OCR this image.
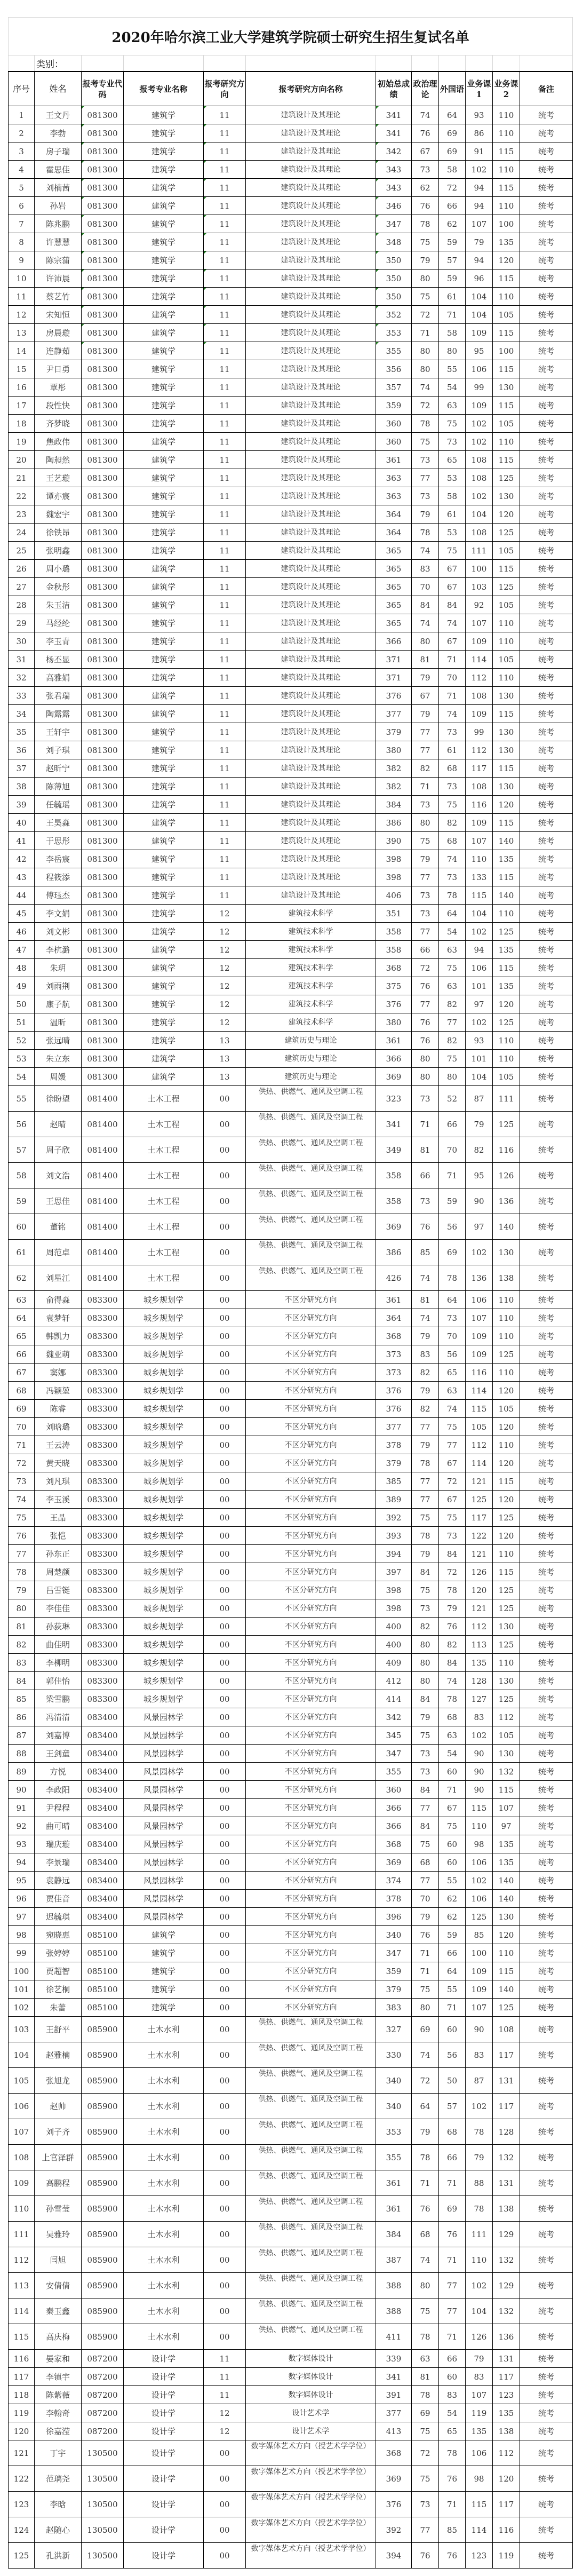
2020年哈尔滨工业大学建筑学院硕士研究生招生复试名单											
	类别：										
序号	姓名	报考专业代码	报考专业名称	报考研究方向	报考研究方向名称	初始总成绩	政治理论	外国语	业务课1	业务课2	备注
1	王文丹	081300	建筑学	11	建筑设计及其理论	341	74	64	93	110	统考
2	李勃	081300	建筑学	11	建筑设计及其理论	341	76	69	86	110	统考
3	房子瑞	081300	建筑学	11	建筑设计及其理论	342	67	69	91	115	统考
4	霍思佳	081300	建筑学	11	建筑设计及其理论	343	73	58	102	110	统考
5	刘楠茜	081300	建筑学	11	建筑设计及其理论	343	62	72	94	115	统考
6	孙岩	081300	建筑学	11	建筑设计及其理论	346	76	66	94	110	统考
7	陈兆鹏	081300	建筑学	11	建筑设计及其理论	347	78	62	107	100	统考
8	许慧慧	081300	建筑学	11	建筑设计及其理论	348	75	59	79	135	统考
9	陈宗蒲	081300	建筑学	11	建筑设计及其理论	350	79	57	94	120	统考
10	许沛晨	081300	建筑学	11	建筑设计及其理论	350	80	59	96	115	统考
11	蔡艺竹	081300	建筑学	11	建筑设计及其理论	350	75	61	104	110	统考
12	宋知恒	081300	建筑学	11	建筑设计及其理论	352	72	71	104	105	统考
13	房晨璇	081300	建筑学	11	建筑设计及其理论	353	71	58	109	115	统考
14	连静茹	081300	建筑学	11	建筑设计及其理论	355	80	80	95	100	统考
15	尹日勇	081300	建筑学	11	建筑设计及其理论	356	80	55	106	115	统考
16	覃彤	081300	建筑学	11	建筑设计及其理论	357	74	54	99	130	统考
17	段性快	081300	建筑学	11	建筑设计及其理论	359	72	63	109	115	统考
18	齐梦晓	081300	建筑学	11	建筑设计及其理论	360	78	75	102	105	统考
19	焦政伟	081300	建筑学	11	建筑设计及其理论	360	75	73	102	110	统考
20	陶昶然	081300	建筑学	11	建筑设计及其理论	361	73	65	108	115	统考
21	王艺璇	081300	建筑学	11	建筑设计及其理论	363	77	53	108	125	统考
22	谭亦宸	081300	建筑学	11	建筑设计及其理论	363	73	58	102	130	统考
23	魏宏宇	081300	建筑学	11	建筑设计及其理论	364	79	61	104	120	统考
24	徐铁昂	081300	建筑学	11	建筑设计及其理论	364	78	53	108	125	统考
25	张明鑫	081300	建筑学	11	建筑设计及其理论	365	74	75	111	105	统考
26	周小璐	081300	建筑学	11	建筑设计及其理论	365	83	67	100	115	统考
27	金秋彤	081300	建筑学	11	建筑设计及其理论	365	70	67	103	125	统考
28	朱玉洁	081300	建筑学	11	建筑设计及其理论	365	84	84	92	105	统考
29	马经纶	081300	建筑学	11	建筑设计及其理论	365	74	74	107	110	统考
30	李玉青	081300	建筑学	11	建筑设计及其理论	366	80	67	109	110	统考
31	杨丕显	081300	建筑学	11	建筑设计及其理论	371	81	71	114	105	统考
32	高雅娟	081300	建筑学	11	建筑设计及其理论	371	79	70	112	110	统考
33	张君瑞	081300	建筑学	11	建筑设计及其理论	376	67	71	108	130	统考
34	陶露露	081300	建筑学	11	建筑设计及其理论	377	79	74	109	115	统考
35	王轩宇	081300	建筑学	11	建筑设计及其理论	379	77	73	99	130	统考
36	刘子琪	081300	建筑学	11	建筑设计及其理论	380	77	61	112	130	统考
37	赵昕宁	081300	建筑学	11	建筑设计及其理论	382	82	68	117	115	统考
38	陈薄旭	081300	建筑学	11	建筑设计及其理论	382	71	73	108	130	统考
39	任毓瑶	081300	建筑学	11	建筑设计及其理论	384	73	75	116	120	统考
40	王昊淼	081300	建筑学	11	建筑设计及其理论	386	80	82	109	115	统考
41	于思彤	081300	建筑学	11	建筑设计及其理论	390	75	68	107	140	统考
42	李岳宸	081300	建筑学	11	建筑设计及其理论	398	79	74	110	135	统考
43	程筱添	081300	建筑学	11	建筑设计及其理论	398	77	73	133	115	统考
44	傅珏杰	081300	建筑学	11	建筑设计及其理论	406	73	78	115	140	统考
45	李文娟	081300	建筑学	12	建筑技术科学	351	73	64	104	110	统考
46	刘文彬	081300	建筑学	12	建筑技术科学	358	77	54	102	125	统考
47	李杭潞	081300	建筑学	12	建筑技术科学	358	66	63	94	135	统考
48	朱玥	081300	建筑学	12	建筑技术科学	368	72	75	106	115	统考
49	刘雨荆	081300	建筑学	12	建筑技术科学	375	76	63	101	135	统考
50	康子航	081300	建筑学	12	建筑技术科学	376	77	82	97	120	统考
51	温昕	081300	建筑学	12	建筑技术科学	380	76	77	102	125	统考
52	张远晴	081300	建筑学	13	建筑历史与理论	361	76	82	93	110	统考
53	朱立东	081300	建筑学	13	建筑历史与理论	366	80	75	101	110	统考
54	周媛	081300	建筑学	13	建筑历史与理论	369	80	80	104	105	统考
55	徐盼望	081400	土木工程	00	供热、供燃气、通风及空调工程	323	73	52	87	111	统考
56	赵晴	081400	土木工程	00	供热、供燃气、通风及空调工程	341	71	66	79	125	统考
57	周子欣	081400	土木工程	00	供热、供燃气、通风及空调工程	349	81	70	82	116	统考
58	刘文浩	081400	土木工程	00	供热、供燃气、通风及空调工程	358	66	71	95	126	统考
59	王思佳	081400	土木工程	00	供热、供燃气、通风及空调工程	358	73	59	90	136	统考
60	董铭	081400	土木工程	00	供热、供燃气、通风及空调工程	369	76	56	97	140	统考
61	周范卓	081400	土木工程	00	供热、供燃气、通风及空调工程	386	85	69	102	130	统考
62	刘星江	081400	土木工程	00	供热、供燃气、通风及空调工程	426	74	78	136	138	统考
63	俞得淼	083300	城乡规划学	00	不区分研究方向	361	81	64	106	110	统考
64	袁梦轩	083300	城乡规划学	00	不区分研究方向	364	74	73	107	110	统考
65	韩凯力	083300	城乡规划学	00	不区分研究方向	368	79	70	109	110	统考
66	魏亚萌	083300	城乡规划学	00	不区分研究方向	373	83	56	109	125	统考
67	窦娜	083300	城乡规划学	00	不区分研究方向	373	82	65	116	110	统考
68	冯颖堃	083300	城乡规划学	00	不区分研究方向	376	79	63	114	120	统考
69	陈睿	083300	城乡规划学	00	不区分研究方向	376	82	74	115	105	统考
70	刘晗璐	083300	城乡规划学	00	不区分研究方向	377	77	75	105	120	统考
71	王云涛	083300	城乡规划学	00	不区分研究方向	378	79	77	112	110	统考
72	黄天晓	083300	城乡规划学	00	不区分研究方向	379	78	67	114	120	统考
73	刘凡琪	083300	城乡规划学	00	不区分研究方向	385	77	72	121	115	统考
74	李玉溪	083300	城乡规划学	00	不区分研究方向	389	77	67	125	120	统考
75	王晶	083300	城乡规划学	00	不区分研究方向	392	75	75	117	125	统考
76	张恺	083300	城乡规划学	00	不区分研究方向	393	78	73	122	120	统考
77	孙东正	083300	城乡规划学	00	不区分研究方向	394	79	84	121	110	统考
78	周楚颜	083300	城乡规划学	00	不区分研究方向	397	84	72	126	115	统考
79	吕雪铤	083300	城乡规划学	00	不区分研究方向	398	75	78	120	125	统考
80	李佳佳	083300	城乡规划学	00	不区分研究方向	398	73	79	121	125	统考
81	孙荻琳	083300	城乡规划学	00	不区分研究方向	400	82	76	112	130	统考
82	曲佳明	083300	城乡规划学	00	不区分研究方向	400	80	82	113	125	统考
83	李柳明	083300	城乡规划学	00	不区分研究方向	409	80	84	135	110	统考
84	郭佳怡	083300	城乡规划学	00	不区分研究方向	412	80	74	128	130	统考
85	梁雪鹏	083300	城乡规划学	00	不区分研究方向	414	84	78	127	125	统考
86	冯清清	083400	风景园林学	00	不区分研究方向	342	79	68	83	112	统考
87	刘嘉博	083400	风景园林学	00	不区分研究方向	345	75	63	102	105	统考
88	王剑童	083400	风景园林学	00	不区分研究方向	347	73	54	90	130	统考
89	方悦	083400	风景园林学	00	不区分研究方向	355	73	60	90	132	统考
90	李政阳	083400	风景园林学	00	不区分研究方向	360	84	71	90	115	统考
91	尹程程	083400	风景园林学	00	不区分研究方向	366	77	67	115	107	统考
92	曲可晴	083400	风景园林学	00	不区分研究方向	366	84	75	110	97	统考
93	瑞庆璇	083400	风景园林学	00	不区分研究方向	368	75	60	98	135	统考
94	李景瑞	083400	风景园林学	00	不区分研究方向	369	68	60	106	135	统考
95	袁静远	083400	风景园林学	00	不区分研究方向	374	77	55	102	140	统考
96	贾佳音	083400	风景园林学	00	不区分研究方向	378	70	62	106	140	统考
97	迟毓琪	083400	风景园林学	00	不区分研究方向	396	79	62	125	130	统考
98	宛晓惠	085100	建筑学	00	不区分研究方向	340	76	59	85	120	统考
99	张婷婷	085100	建筑学	00	不区分研究方向	347	71	66	100	110	统考
100	贾超智	085100	建筑学	00	不区分研究方向	359	71	64	109	115	统考
101	徐艺桐	085100	建筑学	00	不区分研究方向	379	75	55	109	140	统考
102	朱蕾	085100	建筑学	00	不区分研究方向	383	80	71	107	125	统考
103	王舒平	085900	土木水利	00	供热、供燃气、通风及空调工程	327	69	60	90	108	统考
104	赵雅楠	085900	土木水利	00	供热、供燃气、通风及空调工程	330	74	56	83	117	统考
105	张旭龙	085900	土木水利	00	供热、供燃气、通风及空调工程	340	72	50	87	131	统考
106	赵帅	085900	土木水利	00	供热、供燃气、通风及空调工程	340	64	57	102	117	统考
107	刘子齐	085900	土木水利	00	供热、供燃气、通风及空调工程	353	79	68	78	128	统考
108	上官泽群	085900	土木水利	00	供热、供燃气、通风及空调工程	355	78	66	79	132	统考
109	高鹏程	085900	土木水利	00	供热、供燃气、通风及空调工程	361	71	71	88	131	统考
110	孙雪莹	085900	土木水利	00	供热、供燃气、通风及空调工程	361	76	69	78	138	统考
111	吴雅玲	085900	土木水利	00	供热、供燃气、通风及空调工程	384	68	76	111	129	统考
112	闫旭	085900	土木水利	00	供热、供燃气、通风及空调工程	387	74	71	110	132	统考
113	安倩倩	085900	土木水利	00	供热、供燃气、通风及空调工程	388	80	77	102	129	统考
114	秦玉鑫	085900	土木水利	00	供热、供燃气、通风及空调工程	388	75	77	104	132	统考
115	高庆梅	085900	土木水利	00	供热、供燃气、通风及空调工程	411	78	71	126	136	统考
116	晏家和	087200	设计学	11	数字媒体设计	339	63	66	79	131	统考
117	李镇宇	087200	设计学	11	数字媒体设计	341	81	60	83	117	统考
118	陈紫薇	087200	设计学	11	数字媒体设计	391	78	83	107	123	统考
119	李翰奇	087200	设计学	12	设计艺术学	377	69	54	119	135	统考
120	徐嘉滢	087200	设计学	12	设计艺术学	413	75	65	135	138	统考
121	丁宇	130500	设计学	00	数字媒体艺术方向（授艺术学学位）	368	72	78	106	112	统考
122	范璃尧	130500	设计学	00	数字媒体艺术方向（授艺术学学位）	369	75	76	98	120	统考
123	李晗	130500	设计学	00	数字媒体艺术方向（授艺术学学位）	376	73	71	115	117	统考
124	赵随心	130500	设计学	00	数字媒体艺术方向（授艺术学学位）	392	77	85	114	116	统考
125	孔洪新	130500	设计学	00	数字媒体艺术方向（授艺术学学位）	394	76	76	123	119	统考
